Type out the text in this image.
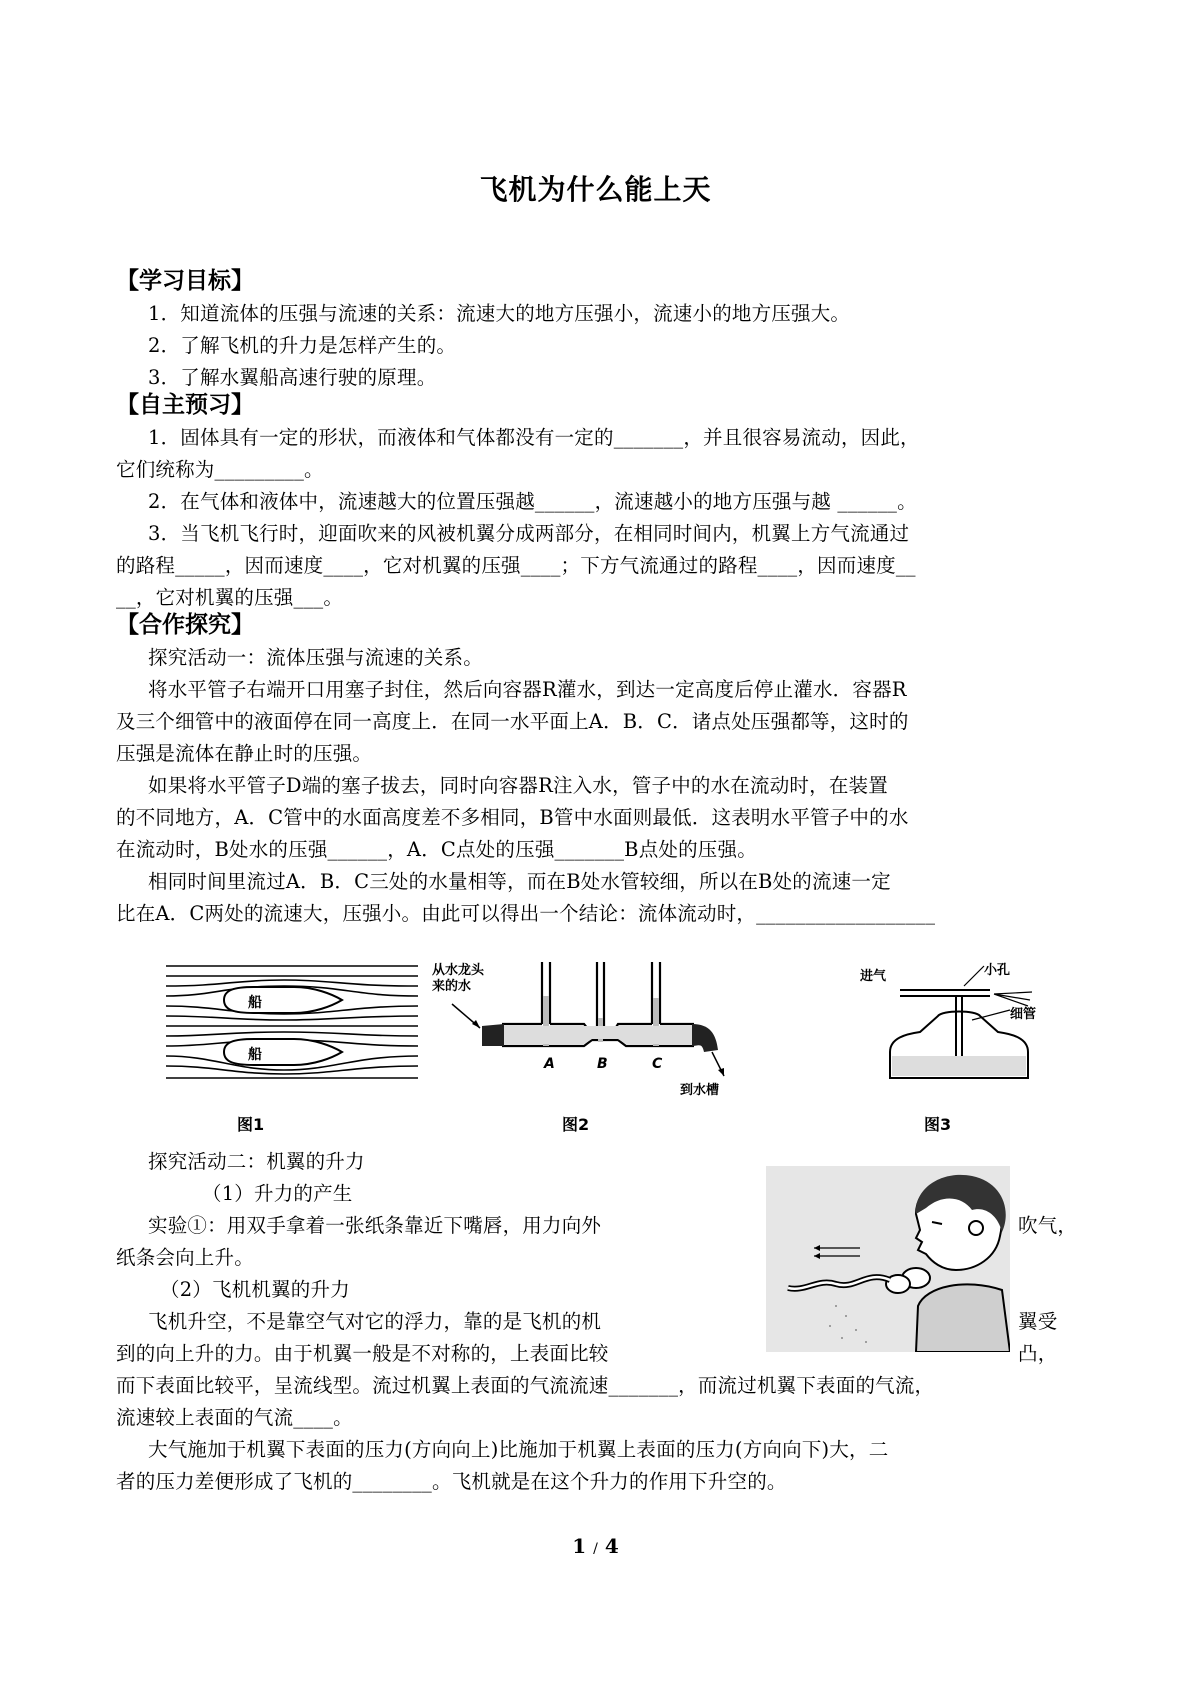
飞机为什么能上天
【学习目标】
1．知道流体的压强与流速的关系：流速大的地方压强小，流速小的地方压强大。
2．了解飞机的升力是怎样产生的。
3．了解水翼船高速行驶的原理。
【自主预习】
1．固体具有一定的形状，而液体和气体都没有一定的_______，并且很容易流动，因此，
它们统称为_________。
2．在气体和液体中，流速越大的位置压强越______，流速越小的地方压强与越 ______。
3．当飞机飞行时，迎面吹来的风被机翼分成两部分，在相同时间内，机翼上方气流通过
的路程_____，因而速度____，它对机翼的压强____；下方气流通过的路程____，因而速度__
__，它对机翼的压强___。
【合作探究】
探究活动一：流体压强与流速的关系。
将水平管子右端开口用塞子封住，然后向容器R灌水，到达一定高度后停止灌水．容器R
及三个细管中的液面停在同一高度上．在同一水平面上A．B．C．诸点处压强都等，这时的
压强是流体在静止时的压强。
如果将水平管子D端的塞子拔去，同时向容器R注入水，管子中的水在流动时，在装置
的不同地方，A．C管中的水面高度差不多相同，B管中水面则最低．这表明水平管子中的水
在流动时，B处水的压强______，A．C点处的压强_______B点处的压强。
相同时间里流过A．B．C三处的水量相等，而在B处水管较细，所以在B处的流速一定
比在A．C两处的流速大，压强小。由此可以得出一个结论：流体流动时，__________________
船
船
图1
从水龙头
来的水
A	B	C
到水槽
图2
进气	小孔
细管
图3
探究活动二：机翼的升力
（1）升力的产生
实验①：用双手拿着一张纸条靠近下嘴唇，用力向外	吹气，
纸条会向上升。
（2）飞机机翼的升力
飞机升空，不是靠空气对它的浮力，靠的是飞机的机	翼受
到的向上升的力。由于机翼一般是不对称的，上表面比较	凸，
而下表面比较平，呈流线型。流过机翼上表面的气流流速_______，而流过机翼下表面的气流，
流速较上表面的气流____。
大气施加于机翼下表面的压力(方向向上)比施加于机翼上表面的压力(方向向下)大，二
者的压力差便形成了飞机的________。飞机就是在这个升力的作用下升空的。
1 / 4
